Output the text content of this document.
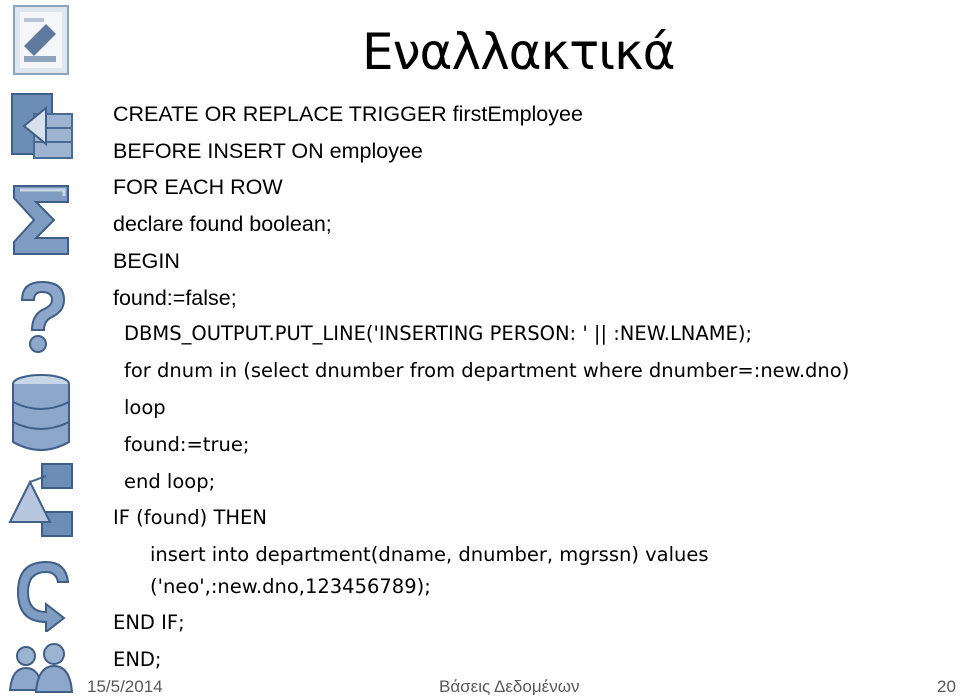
Εναλλακτικά
CREATE OR REPLACE TRIGGER firstEmployee
BEFORE INSERT ON employee
FOR EACH ROW
declare found boolean;
BEGIN
found:=false;
DBMS_OUTPUT.PUT_LINE('INSERTING PERSON: ' || :NEW.LNAME);
for dnum in (select dnumber from department where dnumber=:new.dno)
loop
found:=true;
end loop;
IF (found) THEN
insert into department(dname, dnumber, mgrssn) values
('neo',:new.dno,123456789);
END IF;
END;
15/5/2014	Βάσεις Δεδομένων	20
